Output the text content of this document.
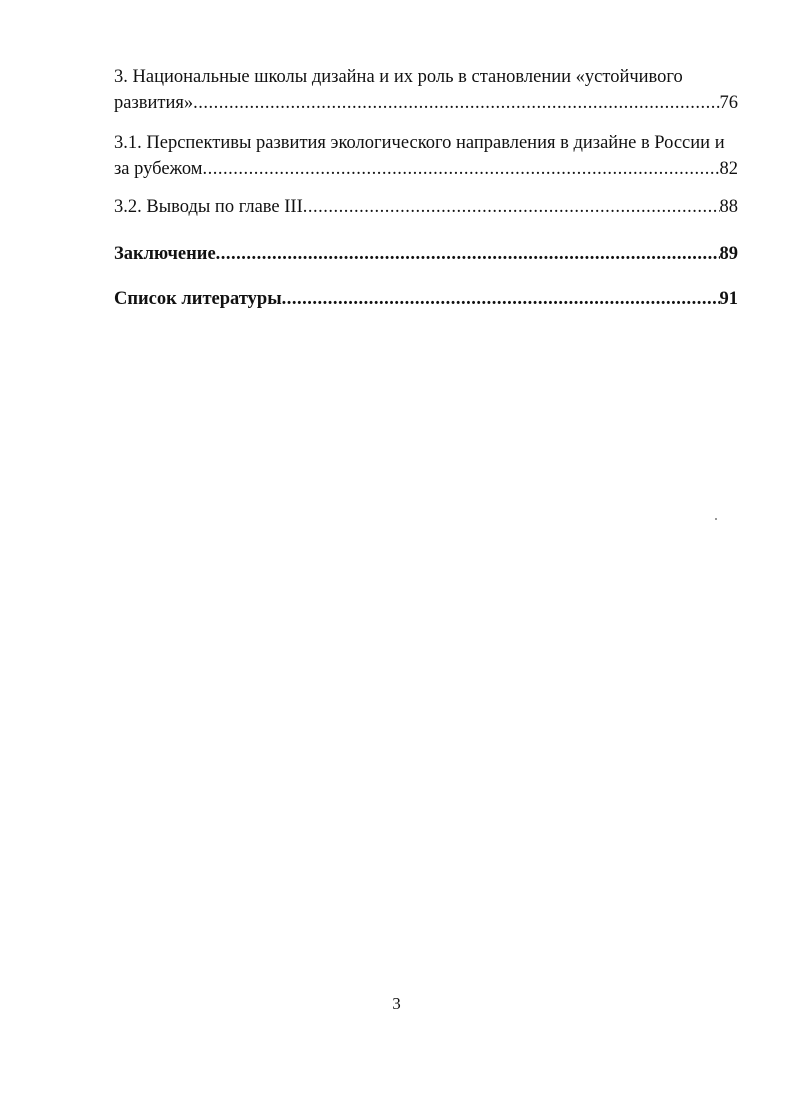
3. Национальные школы дизайна и их роль в становлении «устойчивого
развития» .....	76
3.1. Перспективы развития экологического направления в дизайне в России и
за рубежом .....	82
3.2. Выводы по главе III .....	88
Заключение .....	89
Список литературы .....	91
3
